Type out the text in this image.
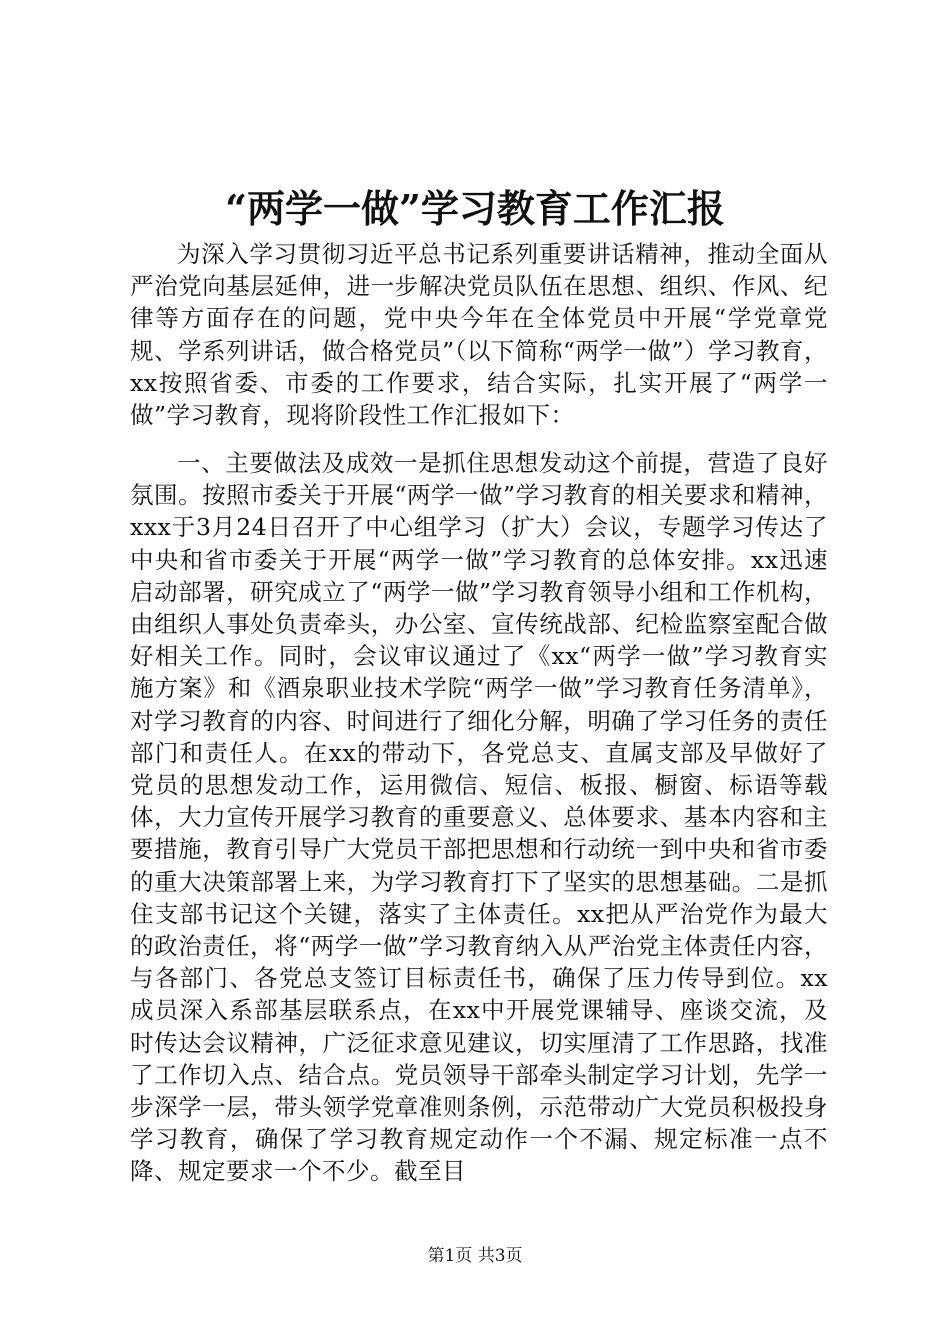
“两学一做”学习教育工作汇报

为深入学习贯彻习近平总书记系列重要讲话精神，推动全面从严治党向基层延伸，进一步解决党员队伍在思想、组织、作风、纪律等方面存在的问题，党中央今年在全体党员中开展“学党章党规、学系列讲话，做合格党员”（以下简称“两学一做”）学习教育，xx按照省委、市委的工作要求，结合实际，扎实开展了“两学一做”学习教育，现将阶段性工作汇报如下：

一、主要做法及成效一是抓住思想发动这个前提，营造了良好氛围。按照市委关于开展“两学一做”学习教育的相关要求和精神，xxx于3月24日召开了中心组学习（扩大）会议，专题学习传达了中央和省市委关于开展“两学一做”学习教育的总体安排。xx迅速启动部署，研究成立了“两学一做”学习教育领导小组和工作机构，由组织人事处负责牵头，办公室、宣传统战部、纪检监察室配合做好相关工作。同时，会议审议通过了《xx“两学一做”学习教育实施方案》和《酒泉职业技术学院“两学一做”学习教育任务清单》，对学习教育的内容、时间进行了细化分解，明确了学习任务的责任部门和责任人。在xx的带动下，各党总支、直属支部及早做好了党员的思想发动工作，运用微信、短信、板报、橱窗、标语等载体，大力宣传开展学习教育的重要意义、总体要求、基本内容和主要措施，教育引导广大党员干部把思想和行动统一到中央和省市委的重大决策部署上来，为学习教育打下了坚实的思想基础。二是抓住支部书记这个关键，落实了主体责任。xx把从严治党作为最大的政治责任，将“两学一做”学习教育纳入从严治党主体责任内容，与各部门、各党总支签订目标责任书，确保了压力传导到位。xx成员深入系部基层联系点，在xx中开展党课辅导、座谈交流，及时传达会议精神，广泛征求意见建议，切实厘清了工作思路，找准了工作切入点、结合点。党员领导干部牵头制定学习计划，先学一步深学一层，带头领学党章准则条例，示范带动广大党员积极投身学习教育，确保了学习教育规定动作一个不漏、规定标准一点不降、规定要求一个不少。截至目

第1页 共3页
